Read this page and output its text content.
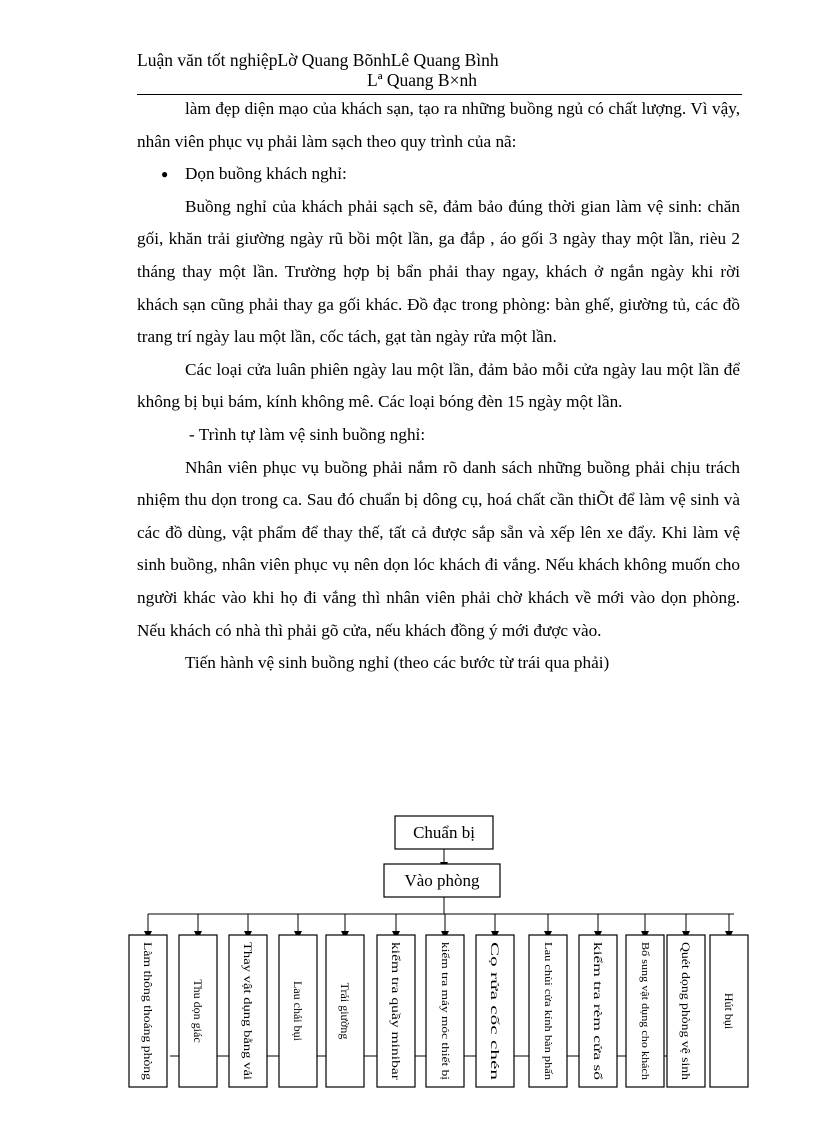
Luận văn tốt nghiệpLờ Quang BõnhLê Quang Bình
Lª Quang B×nh

làm đẹp diện mạo của khách sạn, tạo ra những buồng ngủ có chất lượng. Vì vậy, nhân viên phục vụ phải làm sạch theo quy trình của nã:

● Dọn buồng khách nghỉ:

Buồng nghỉ của khách phải sạch sẽ, đảm bảo đúng thời gian làm vệ sinh: chăn gối, khăn trải giường ngày rũ bồi một lần, ga đắp , áo gối 3 ngày thay một lần, rièu 2 tháng thay một lần. Trường hợp bị bẩn phải thay ngay, khách ở ngắn ngày khi rời khách sạn cũng phải thay ga gối khác. Đồ đạc trong phòng: bàn ghế, giường tủ, các đồ trang trí ngày lau một lần, cốc tách, gạt tàn ngày rửa một lần.

Các loại cửa luân phiên ngày lau một lần, đảm bảo mỗi cửa ngày lau một lần để không bị bụi bám, kính không mê. Các loại bóng đèn 15 ngày một lần.

- Trình tự làm vệ sinh buồng nghỉ:

Nhân viên phục vụ buồng phải nắm rõ danh sách những buồng phải chịu trách nhiệm thu dọn trong ca. Sau đó chuẩn bị dông cụ, hoá chất cần thiÕt để làm vệ sinh và các đồ dùng, vật phẩm để thay thế, tất cả được sắp sẵn và xếp lên xe đẩy. Khi làm vệ sinh buồng, nhân viên phục vụ nên dọn lóc khách đi vắng. Nếu khách không muốn cho người khác vào khi họ đi vắng thì nhân viên phải chờ khách về mới vào dọn phòng. Nếu khách có nhà thì phải gõ cửa, nếu khách đồng ý mới được vào.

Tiến hành vệ sinh buồng nghỉ (theo các bước từ trái qua phải)

Chuẩn bị
Vào phòng
Làm thông thoáng phòng	Thu dọn giác	Thay vật dụng bằng vải	Lau chải bụi	Trải giường	kiểm tra quầy minibar	kiểm tra máy móc thiết bị	Cọ rửa cốc chén	Lau chùi cửa kính bàn phấn	kiểm tra rèm cửa sổ	Bổ sung vật dụng cho khách Quét dọng phòng vệ sinh Hút bụi
